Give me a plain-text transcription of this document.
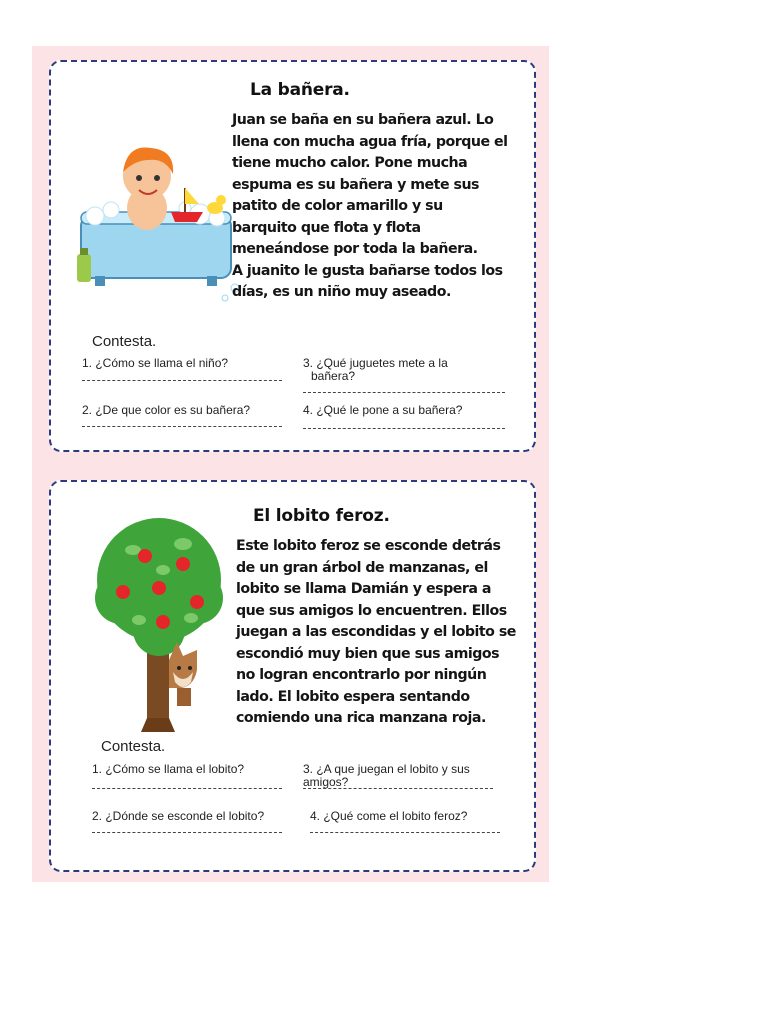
La bañera.

Juan se baña en su bañera azul. Lo

llena con mucha agua fría, porque el

tiene mucho calor. Pone mucha

espuma es su bañera y mete sus

patito de color amarillo y su

barquito que flota y flota

meneándose por toda la bañera.

A juanito le gusta bañarse todos los

días, es un niño muy aseado.

Contesta.
1. ¿Cómo se llama el niño?	3. ¿Qué juguetes mete a la
bañera?
2. ¿De que color es su bañera?	4. ¿Qué le pone a su bañera?
El lobito feroz.

Este lobito feroz se esconde detrás

de un gran árbol de manzanas, el

lobito se llama Damián y espera a

que sus amigos lo encuentren. Ellos

juegan a las escondidas y el lobito se

escondió muy bien que sus amigos

no logran encontrarlo por ningún

lado. El lobito espera sentando

comiendo una rica manzana roja.

Contesta.
1. ¿Cómo se llama el lobito?	3. ¿A que juegan el lobito y sus
amigos?
2. ¿Dónde se esconde el lobito?	4. ¿Qué come el lobito feroz?
